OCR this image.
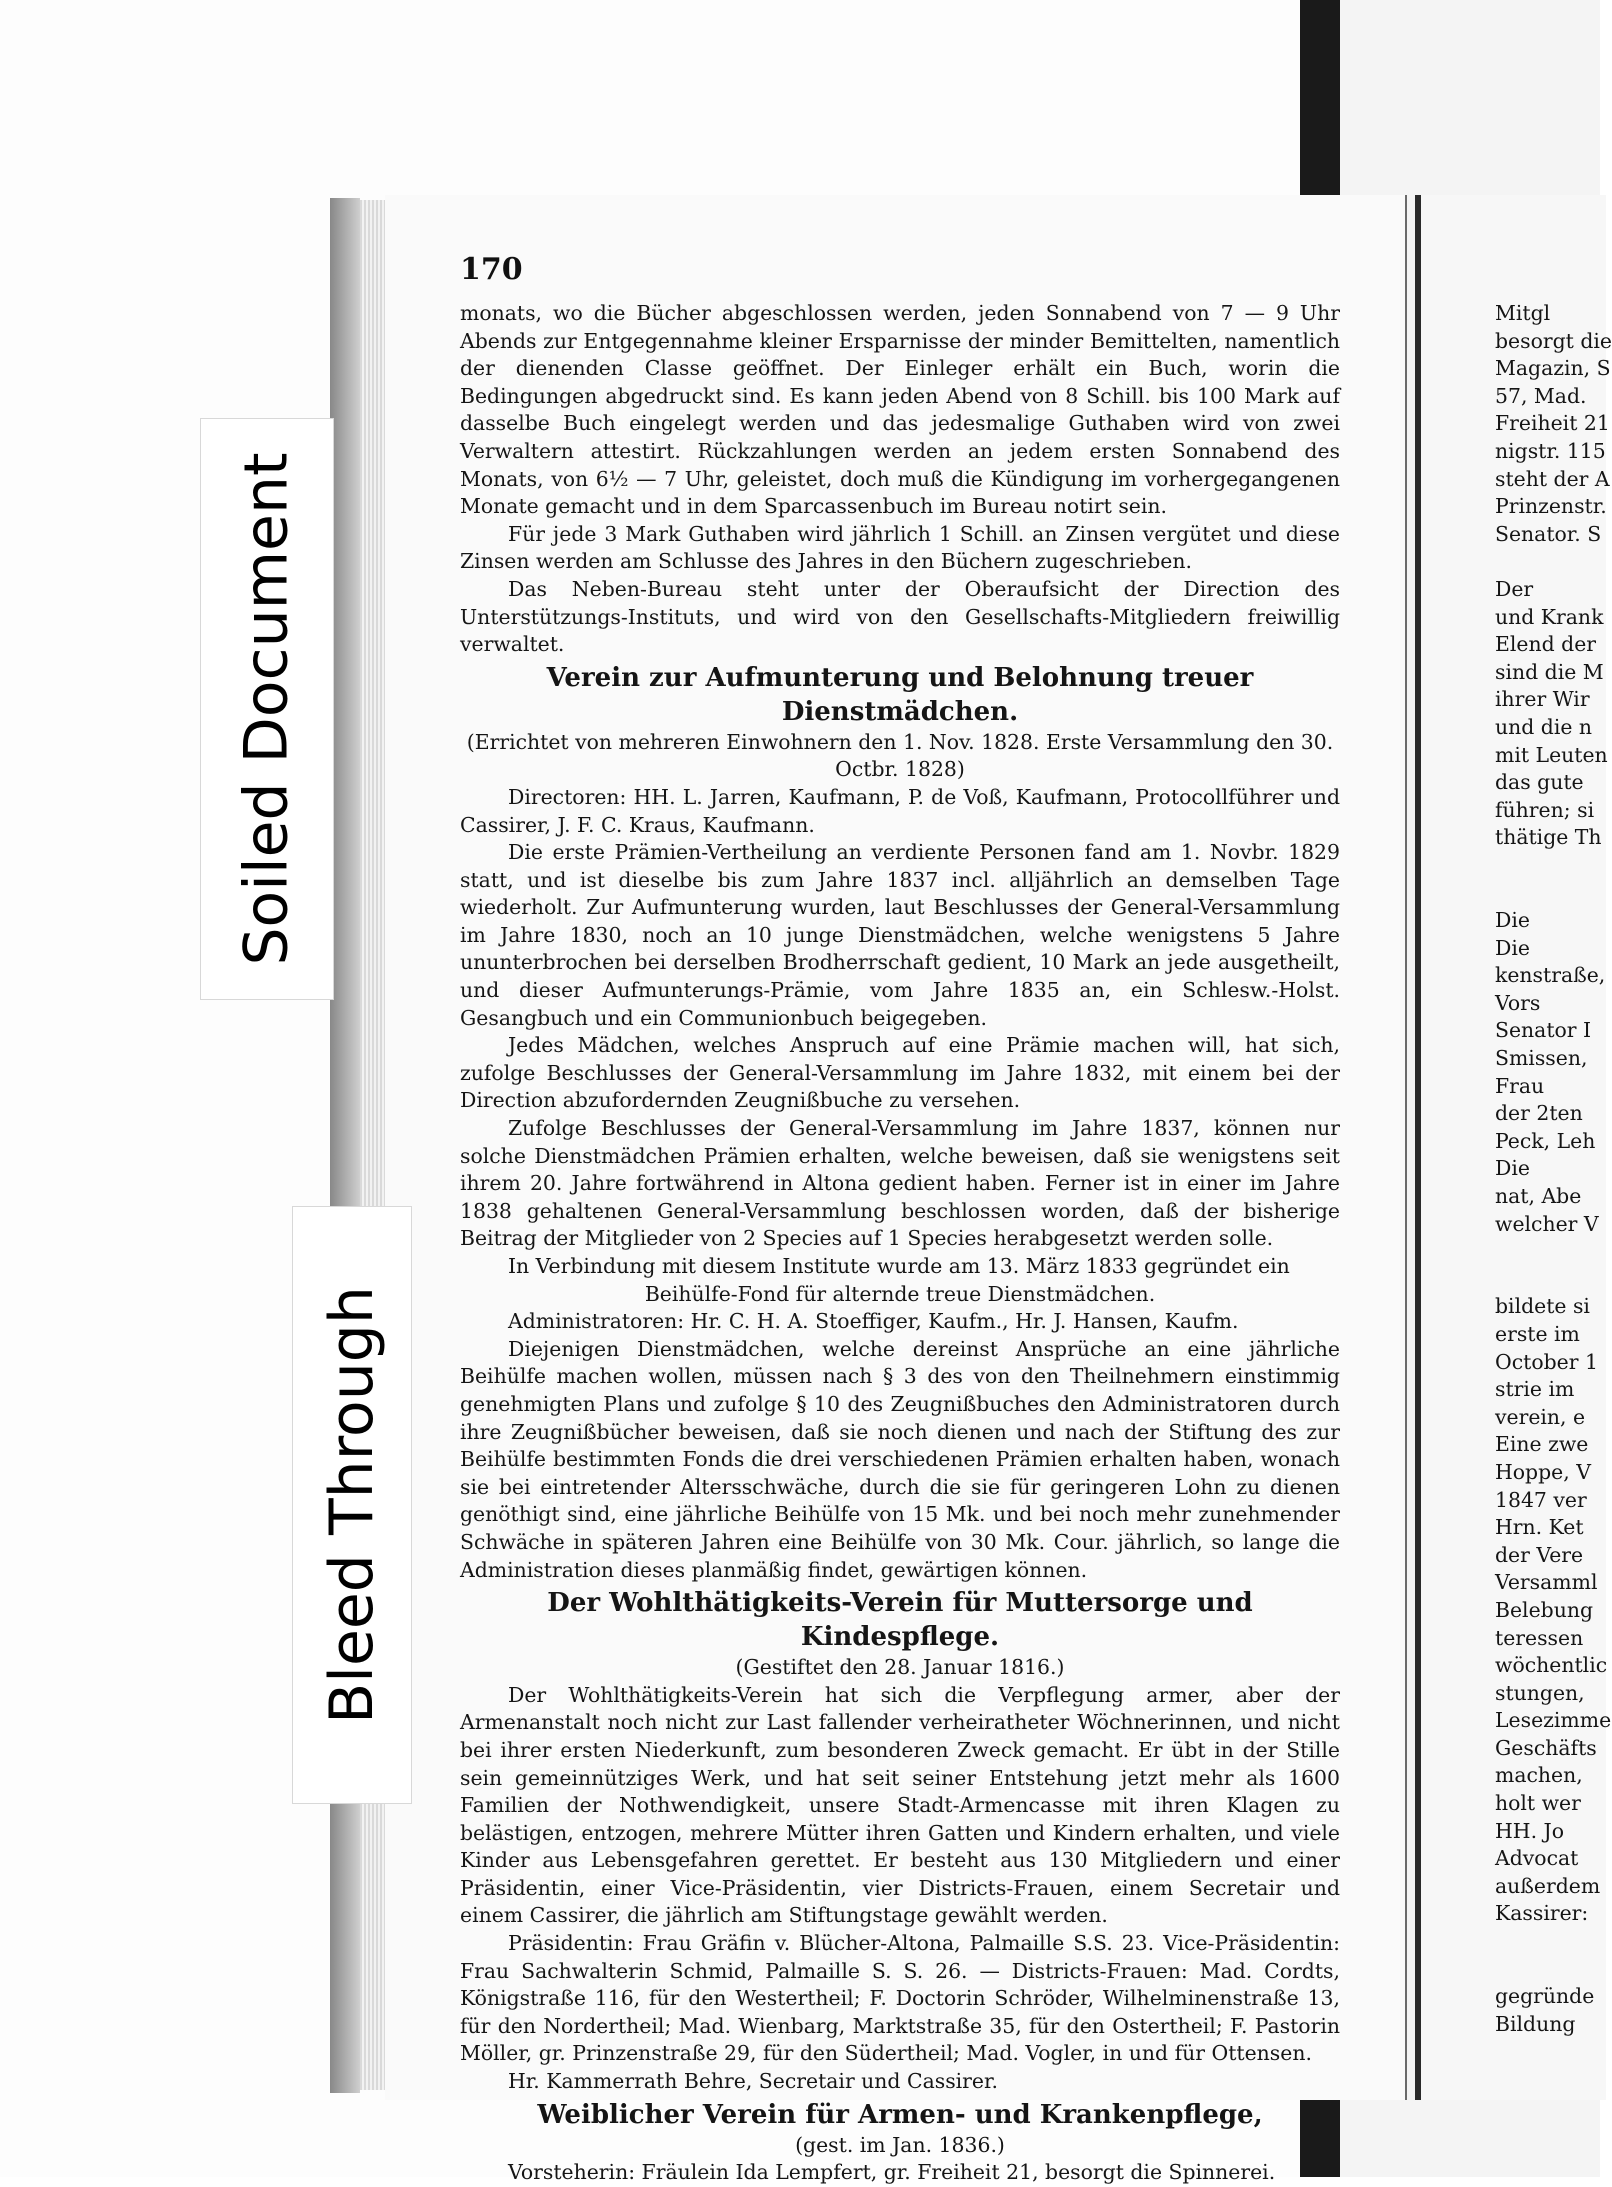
Soiled Document
Bleed Through
170

monats, wo die Bücher abgeschlossen werden, jeden Sonnabend von 7 — 9 Uhr Abends zur Entgegennahme kleiner Ersparnisse der minder Bemittelten, namentlich der dienenden Classe geöffnet. Der Einleger erhält ein Buch, worin die Bedingungen abgedruckt sind. Es kann jeden Abend von 8 Schill. bis 100 Mark auf dasselbe Buch eingelegt werden und das jedesmalige Guthaben wird von zwei Verwaltern attestirt. Rückzahlungen werden an jedem ersten Sonnabend des Monats, von 6½ — 7 Uhr, geleistet, doch muß die Kündigung im vorhergegangenen Monate gemacht und in dem Sparcassenbuch im Bureau notirt sein.

Für jede 3 Mark Guthaben wird jährlich 1 Schill. an Zinsen vergütet und diese Zinsen werden am Schlusse des Jahres in den Büchern zugeschrieben.

Das Neben-Bureau steht unter der Oberaufsicht der Direction des Unterstützungs-Instituts, und wird von den Gesellschafts-Mitgliedern freiwillig verwaltet.

Verein zur Aufmunterung und Belohnung treuer Dienstmädchen.

(Errichtet von mehreren Einwohnern den 1. Nov. 1828. Erste Versammlung den 30. Octbr. 1828)

Directoren: HH. L. Jarren, Kaufmann, P. de Voß, Kaufmann, Protocollführer und Cassirer, J. F. C. Kraus, Kaufmann.

Die erste Prämien-Vertheilung an verdiente Personen fand am 1. Novbr. 1829 statt, und ist dieselbe bis zum Jahre 1837 incl. alljährlich an demselben Tage wiederholt. Zur Aufmunterung wurden, laut Beschlusses der General-Versammlung im Jahre 1830, noch an 10 junge Dienstmädchen, welche wenigstens 5 Jahre ununterbrochen bei derselben Brodherrschaft gedient, 10 Mark an jede ausgetheilt, und dieser Aufmunterungs-Prämie, vom Jahre 1835 an, ein Schlesw.-Holst. Gesangbuch und ein Communionbuch beigegeben.

Jedes Mädchen, welches Anspruch auf eine Prämie machen will, hat sich, zufolge Beschlusses der General-Versammlung im Jahre 1832, mit einem bei der Direction abzufordernden Zeugnißbuche zu versehen.

Zufolge Beschlusses der General-Versammlung im Jahre 1837, können nur solche Dienstmädchen Prämien erhalten, welche beweisen, daß sie wenigstens seit ihrem 20. Jahre fortwährend in Altona gedient haben. Ferner ist in einer im Jahre 1838 gehaltenen General-Versammlung beschlossen worden, daß der bisherige Beitrag der Mitglieder von 2 Species auf 1 Species herabgesetzt werden solle.

In Verbindung mit diesem Institute wurde am 13. März 1833 gegründet ein

Beihülfe-Fond für alternde treue Dienstmädchen.

Administratoren: Hr. C. H. A. Stoeffiger, Kaufm., Hr. J. Hansen, Kaufm.

Diejenigen Dienstmädchen, welche dereinst Ansprüche an eine jährliche Beihülfe machen wollen, müssen nach § 3 des von den Theilnehmern einstimmig genehmigten Plans und zufolge § 10 des Zeugnißbuches den Administratoren durch ihre Zeugnißbücher beweisen, daß sie noch dienen und nach der Stiftung des zur Beihülfe bestimmten Fonds die drei verschiedenen Prämien erhalten haben, wonach sie bei eintretender Altersschwäche, durch die sie für geringeren Lohn zu dienen genöthigt sind, eine jährliche Beihülfe von 15 Mk. und bei noch mehr zunehmender Schwäche in späteren Jahren eine Beihülfe von 30 Mk. Cour. jährlich, so lange die Administration dieses planmäßig findet, gewärtigen können.

Der Wohlthätigkeits-Verein für Muttersorge und Kindespflege.

(Gestiftet den 28. Januar 1816.)

Der Wohlthätigkeits-Verein hat sich die Verpflegung armer, aber der Armenanstalt noch nicht zur Last fallender verheiratheter Wöchnerinnen, und nicht bei ihrer ersten Niederkunft, zum besonderen Zweck gemacht. Er übt in der Stille sein gemeinnütziges Werk, und hat seit seiner Entstehung jetzt mehr als 1600 Familien der Nothwendigkeit, unsere Stadt-Armencasse mit ihren Klagen zu belästigen, entzogen, mehrere Mütter ihren Gatten und Kindern erhalten, und viele Kinder aus Lebensgefahren gerettet. Er besteht aus 130 Mitgliedern und einer Präsidentin, einer Vice-Präsidentin, vier Districts-Frauen, einem Secretair und einem Cassirer, die jährlich am Stiftungstage gewählt werden.

Präsidentin: Frau Gräfin v. Blücher-Altona, Palmaille S.S. 23. Vice-Präsidentin: Frau Sachwalterin Schmid, Palmaille S. S. 26. — Districts-Frauen: Mad. Cordts, Königstraße 116, für den Westertheil; F. Doctorin Schröder, Wilhelminenstraße 13, für den Nordertheil; Mad. Wienbarg, Marktstraße 35, für den Ostertheil; F. Pastorin Möller, gr. Prinzenstraße 29, für den Südertheil; Mad. Vogler, in und für Ottensen.

Hr. Kammerrath Behre, Secretair und Cassirer.

Weiblicher Verein für Armen- und Krankenpflege,

(gest. im Jan. 1836.)

Vorsteherin: Fräulein Ida Lempfert, gr. Freiheit 21, besorgt die Spinnerei.

Mitgl
besorgt die
Magazin, S
57, Mad.
Freiheit 21
nigstr. 115
steht der A
Prinzenstr.
Senator. S
Der
und Krank
Elend der
sind die M
ihrer Wir
und die n
mit Leuten
das gute
führen; si
thätige Th
Die
Die
kenstraße,
Vors
Senator I
Smissen,
Frau
der 2ten
Peck, Leh
Die
nat, Abe
welcher V
bildete si
erste im
October 1
strie im
verein, e
Eine zwe
Hoppe, V
1847 ver
Hrn. Ket
der Vere
Versamml
Belebung
teressen
wöchentlic
stungen,
Lesezimme
Geschäfts
machen,
holt wer
HH. Jo
Advocat
außerdem
Kassirer:
gegründe
Bildung
